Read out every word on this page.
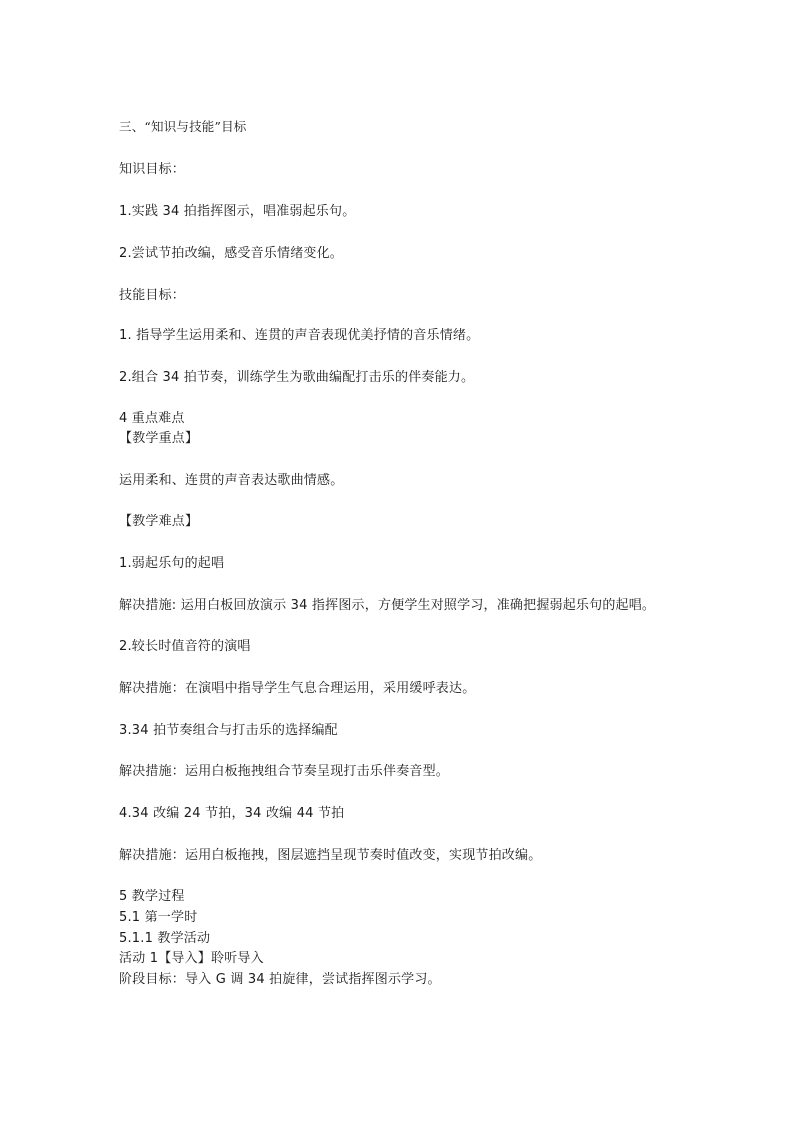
三、“知识与技能”目标
知识目标：
1.实践 34 拍指挥图示，唱准弱起乐句。
2.尝试节拍改编，感受音乐情绪变化。
技能目标：
1. 指导学生运用柔和、连贯的声音表现优美抒情的音乐情绪。
2.组合 34 拍节奏，训练学生为歌曲编配打击乐的伴奏能力。
4 重点难点
【教学重点】
运用柔和、连贯的声音表达歌曲情感。
【教学难点】
1.弱起乐句的起唱
解决措施: 运用白板回放演示 34 指挥图示，方便学生对照学习，准确把握弱起乐句的起唱。
2.较长时值音符的演唱
解决措施：在演唱中指导学生气息合理运用，采用缓呼表达。
3.34 拍节奏组合与打击乐的选择编配
解决措施：运用白板拖拽组合节奏呈现打击乐伴奏音型。
4.34 改编 24 节拍，34 改编 44 节拍
解决措施：运用白板拖拽，图层遮挡呈现节奏时值改变，实现节拍改编。
5 教学过程
5.1 第一学时
5.1.1 教学活动
活动 1【导入】聆听导入
阶段目标：导入 G 调 34 拍旋律，尝试指挥图示学习。
